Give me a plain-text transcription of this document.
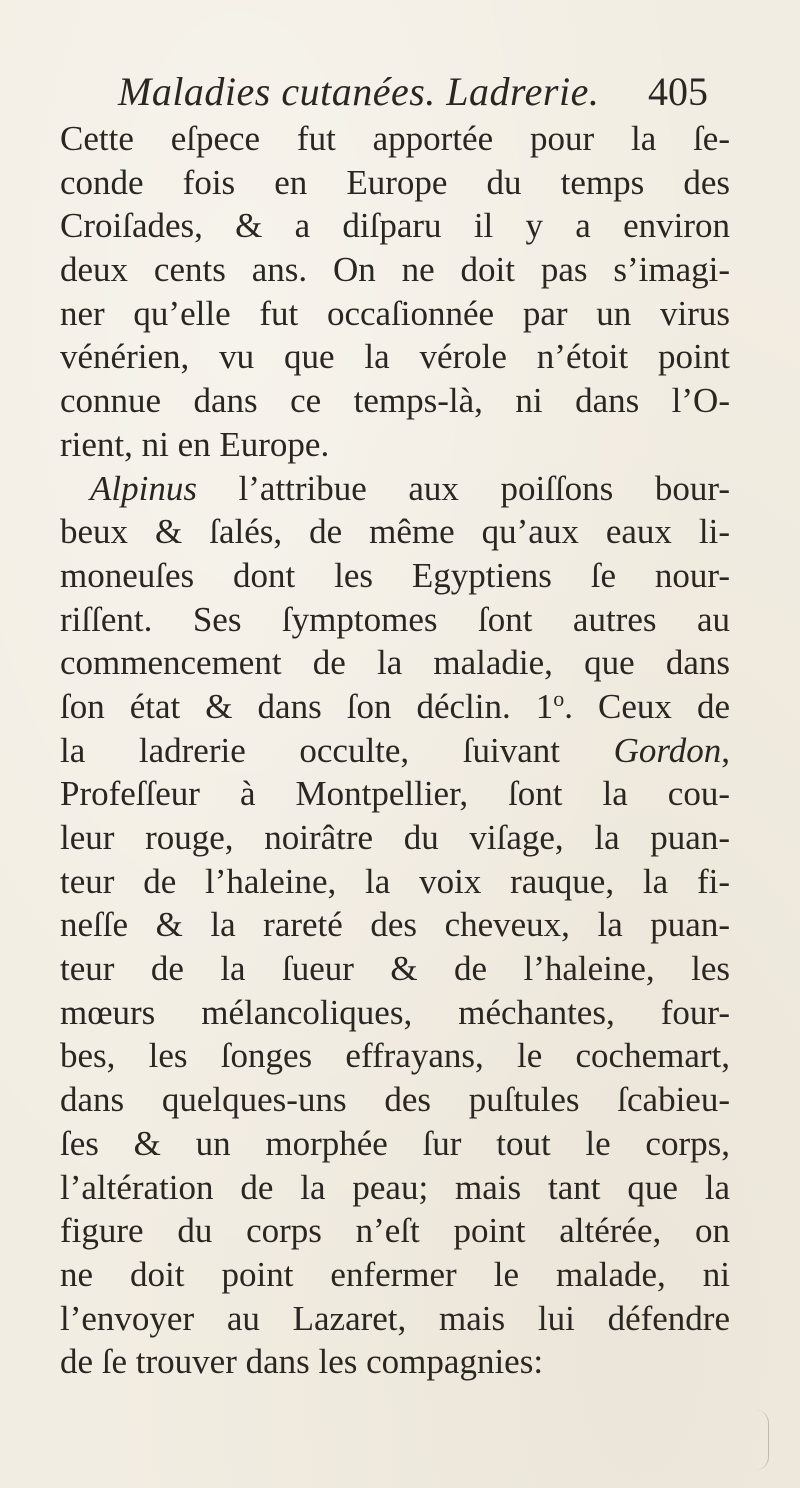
Maladies cutanées. Ladrerie. 405
Cette eſpece fut apportée pour la ſe-
conde fois en Europe du temps des
Croiſades, & a diſparu il y a environ
deux cents ans. On ne doit pas s’imagi-
ner qu’elle fut occaſionnée par un virus
vénérien, vu que la vérole n’étoit point
connue dans ce temps-là, ni dans l’O-
rient, ni en Europe.
Alpinus l’attribue aux poiſſons bour-
beux & ſalés, de même qu’aux eaux li-
moneuſes dont les Egyptiens ſe nour-
riſſent. Ses ſymptomes ſont autres au
commencement de la maladie, que dans
ſon état & dans ſon déclin. 1$^o$. Ceux de
la ladrerie occulte, ſuivant Gordon,
Profeſſeur à Montpellier, ſont la cou-
leur rouge, noirâtre du viſage, la puan-
teur de l’haleine, la voix rauque, la fi-
neſſe & la rareté des cheveux, la puan-
teur de la ſueur & de l’haleine, les
mœurs mélancoliques, méchantes, four-
bes, les ſonges effrayans, le cochemart,
dans quelques-uns des puſtules ſcabieu-
ſes & un morphée ſur tout le corps,
l’altération de la peau; mais tant que la
figure du corps n’eſt point altérée, on
ne doit point enfermer le malade, ni
l’envoyer au Lazaret, mais lui défendre
de ſe trouver dans les compagnies:
